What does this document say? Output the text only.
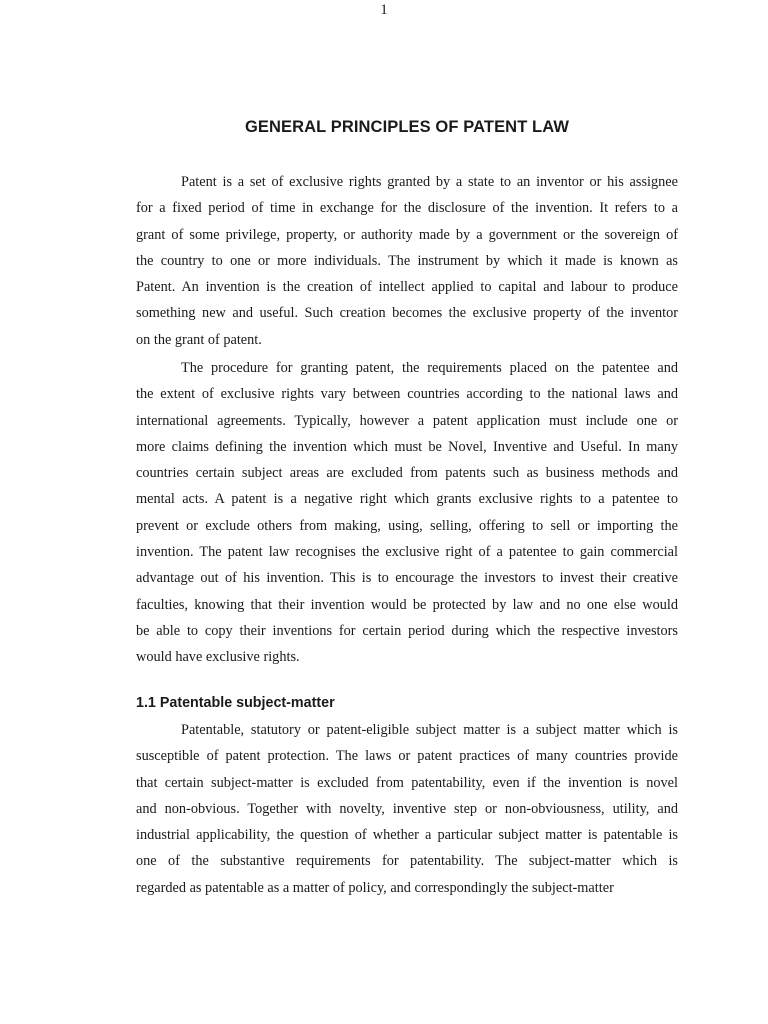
1
GENERAL PRINCIPLES OF PATENT LAW
Patent is a set of exclusive rights granted by a state to an inventor or his assignee
for a fixed period of time in exchange for the disclosure of the invention. It refers to a
grant of some privilege, property, or authority made by a government or the sovereign of
the country to one or more individuals. The instrument by which it made is known as
Patent. An invention is the creation of intellect applied to capital and labour to produce
something new and useful. Such creation becomes the exclusive property of the inventor
on the grant of patent.
The procedure for granting patent, the requirements placed on the patentee and
the extent of exclusive rights vary between countries according to the national laws and
international agreements. Typically, however a patent application must include one or
more claims defining the invention which must be Novel, Inventive and Useful. In many
countries certain subject areas are excluded from patents such as business methods and
mental acts. A patent is a negative right which grants exclusive rights to a patentee to
prevent or exclude others from making, using, selling, offering to sell or importing the
invention. The patent law recognises the exclusive right of a patentee to gain commercial
advantage out of his invention. This is to encourage the investors to invest their creative
faculties, knowing that their invention would be protected by law and no one else would
be able to copy their inventions for certain period during which the respective investors
would have exclusive rights.
1.1 Patentable subject-matter
Patentable, statutory or patent-eligible subject matter is a subject matter which is
susceptible of patent protection. The laws or patent practices of many countries provide
that certain subject-matter is excluded from patentability, even if the invention is novel
and non-obvious. Together with novelty, inventive step or non-obviousness, utility, and
industrial applicability, the question of whether a particular subject matter is patentable is
one of the substantive requirements for patentability. The subject-matter which is
regarded as patentable as a matter of policy, and correspondingly the subject-matter
